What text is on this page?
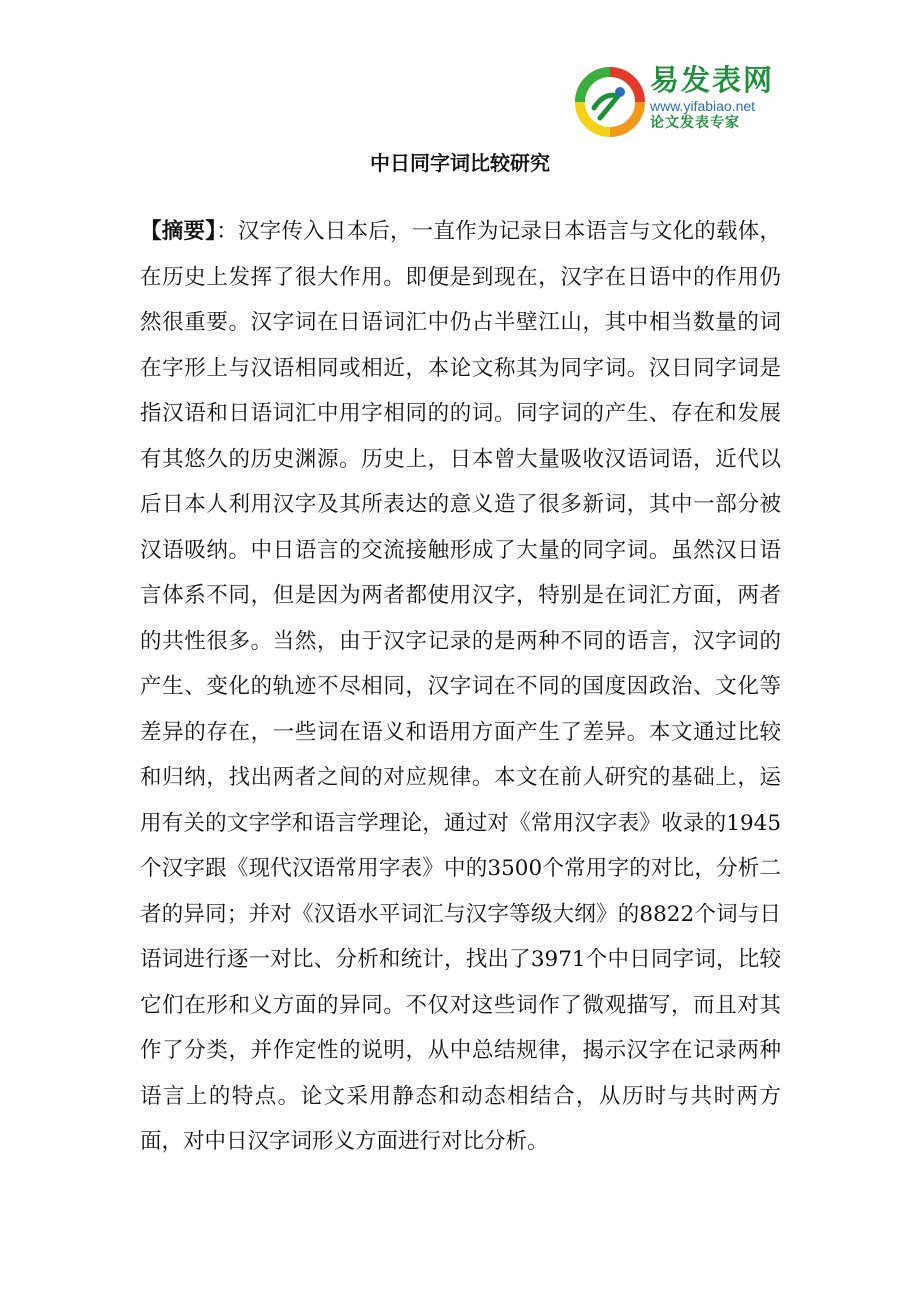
易发表网
www.yifabiao.net
论文发表专家
中日同字词比较研究

【摘要】：汉字传入日本后，一直作为记录日本语言与文化的载体，在历史上发挥了很大作用。即便是到现在，汉字在日语中的作用仍然很重要。汉字词在日语词汇中仍占半壁江山，其中相当数量的词在字形上与汉语相同或相近，本论文称其为同字词。汉日同字词是指汉语和日语词汇中用字相同的的词。同字词的产生、存在和发展有其悠久的历史渊源。历史上，日本曾大量吸收汉语词语，近代以后日本人利用汉字及其所表达的意义造了很多新词，其中一部分被汉语吸纳。中日语言的交流接触形成了大量的同字词。虽然汉日语言体系不同，但是因为两者都使用汉字，特别是在词汇方面，两者的共性很多。当然，由于汉字记录的是两种不同的语言，汉字词的产生、变化的轨迹不尽相同，汉字词在不同的国度因政治、文化等差异的存在，一些词在语义和语用方面产生了差异。本文通过比较和归纳，找出两者之间的对应规律。本文在前人研究的基础上，运用有关的文字学和语言学理论，通过对《常用汉字表》收录的1945个汉字跟《现代汉语常用字表》中的3500个常用字的对比，分析二者的异同；并对《汉语水平词汇与汉字等级大纲》的8822个词与日语词进行逐一对比、分析和统计，找出了3971个中日同字词，比较它们在形和义方面的异同。不仅对这些词作了微观描写，而且对其作了分类，并作定性的说明，从中总结规律，揭示汉字在记录两种语言上的特点。论文采用静态和动态相结合，从历时与共时两方面，对中日汉字词形义方面进行对比分析。
